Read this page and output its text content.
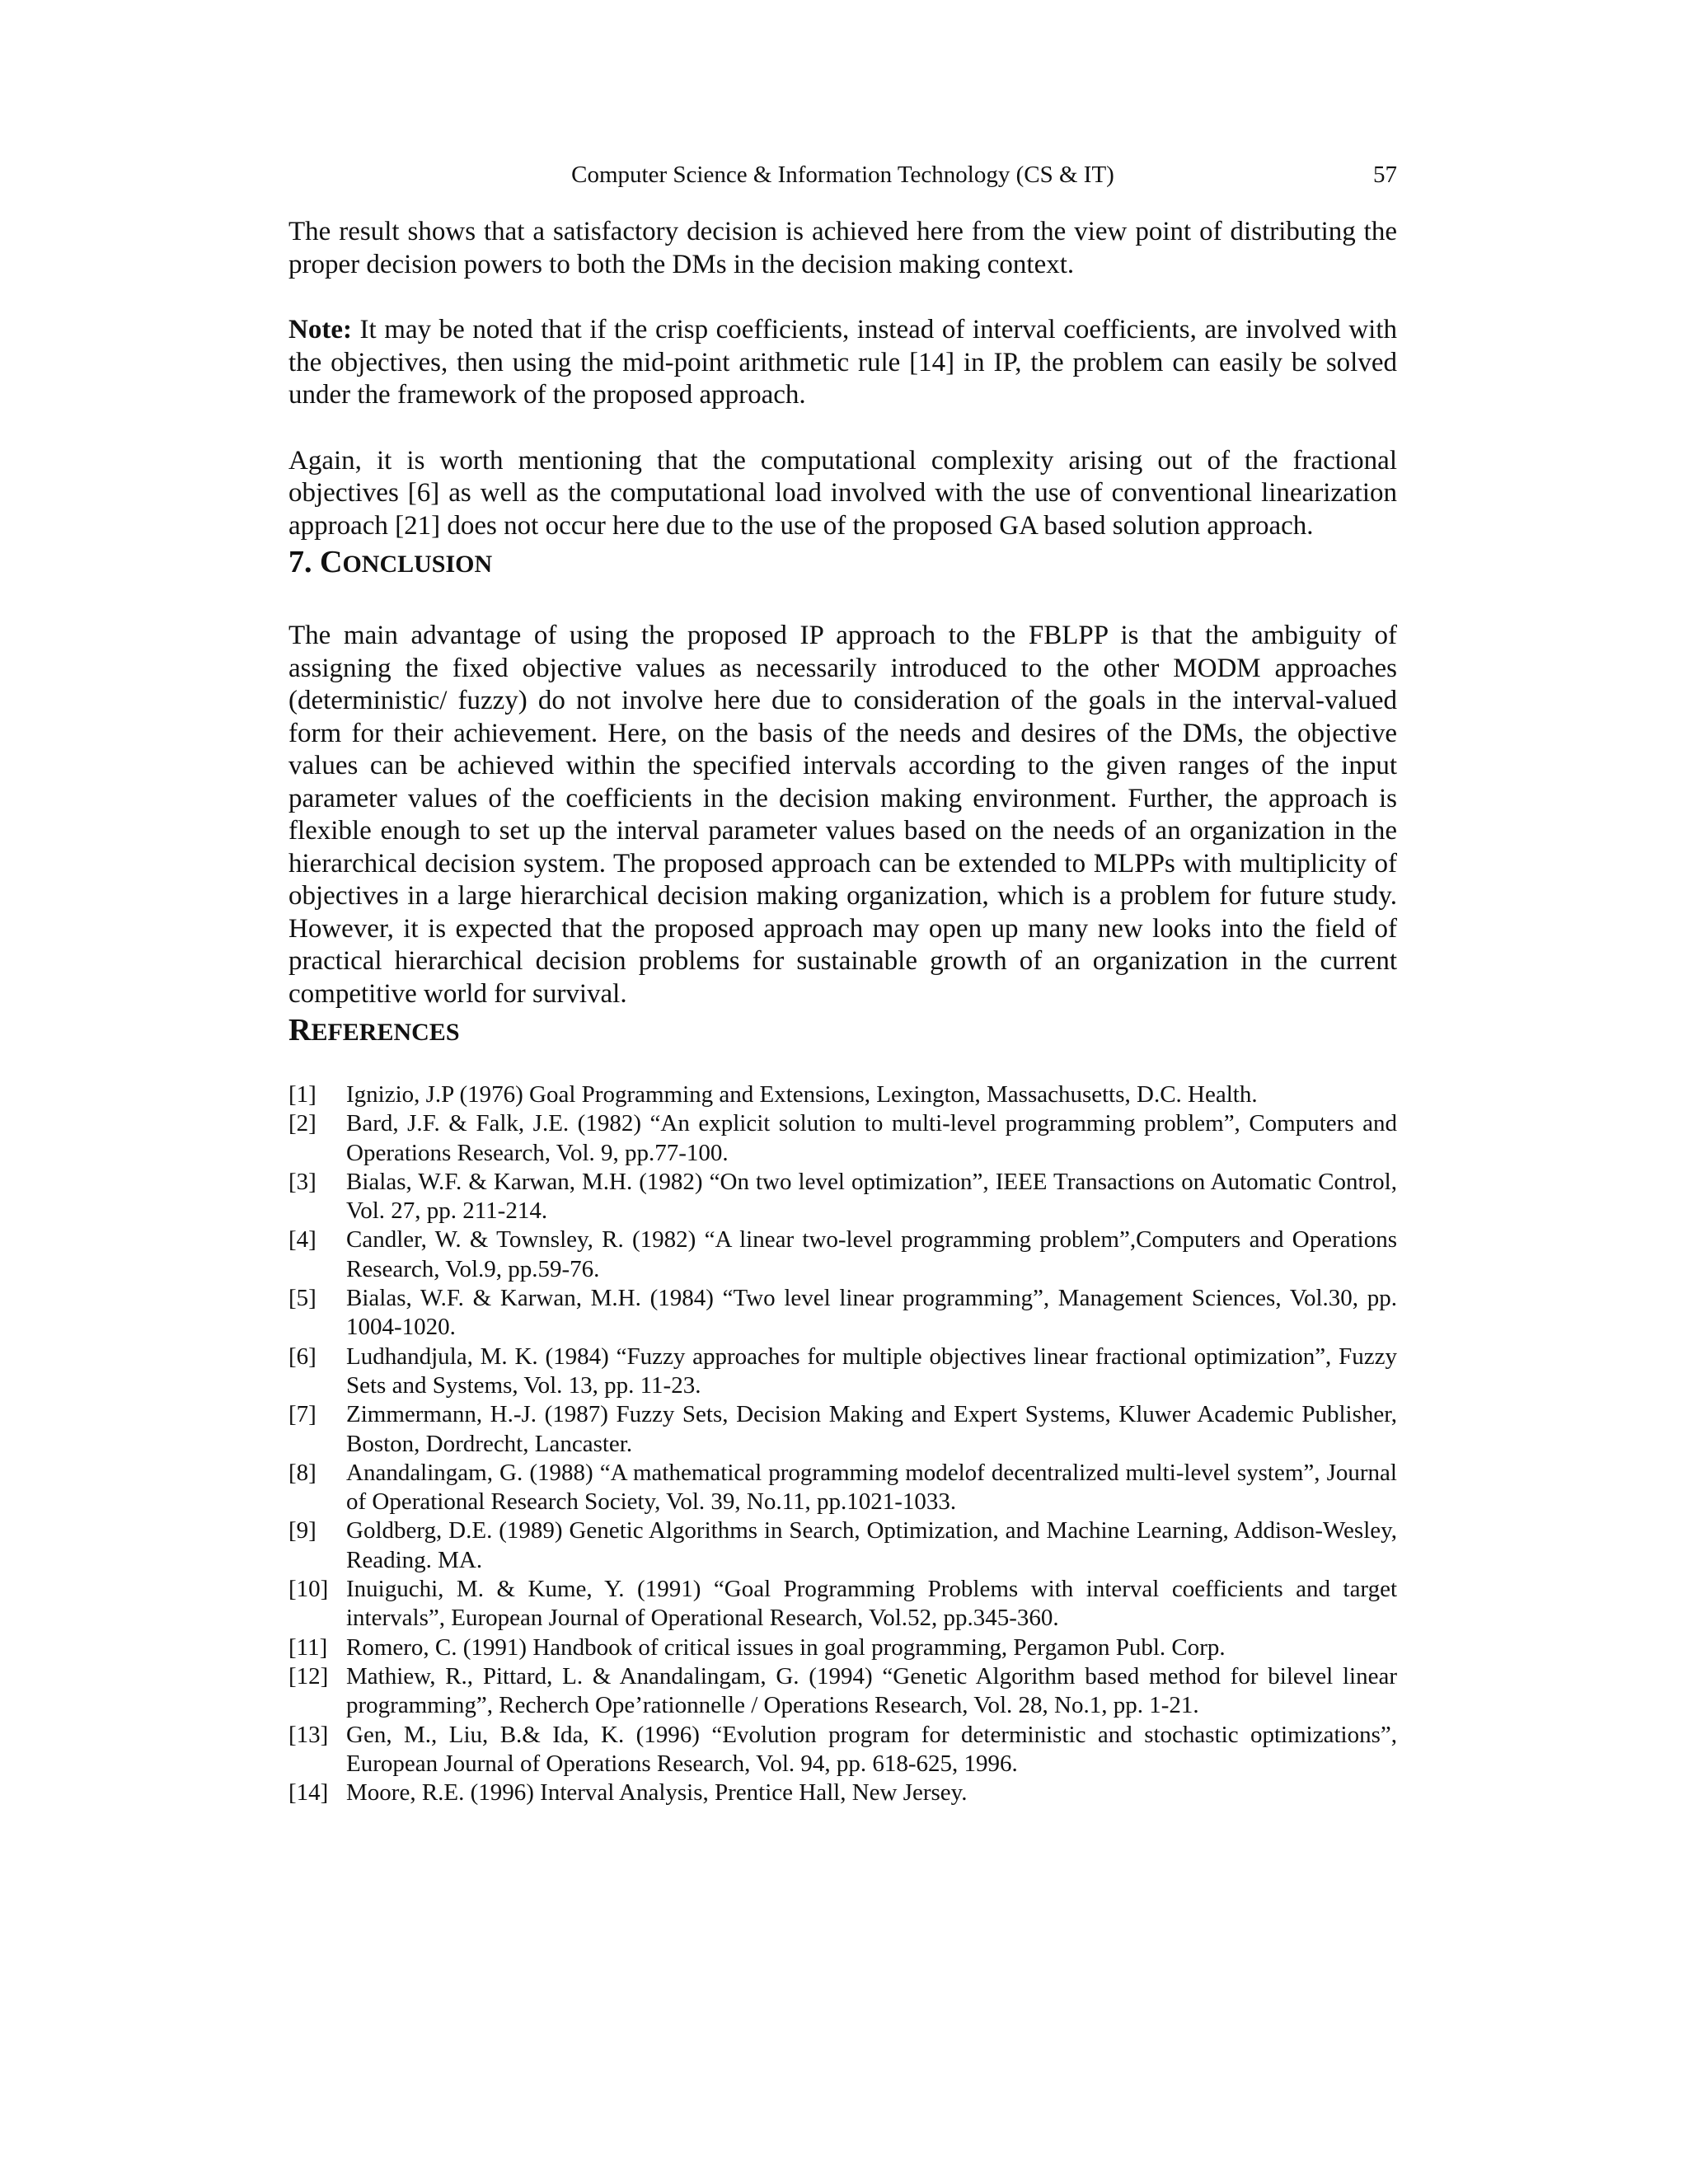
Computer Science & Information Technology (CS & IT)	57

The result shows that a satisfactory decision is achieved here from the view point of distributing the proper decision powers to both the DMs in the decision making context.

Note: It may be noted that if the crisp coefficients, instead of interval coefficients, are involved with the objectives, then using the mid-point arithmetic rule [14] in IP, the problem can easily be solved under the framework of the proposed approach.

Again, it is worth mentioning that the computational complexity arising out of the fractional objectives [6] as well as the computational load involved with the use of conventional linearization approach [21] does not occur here due to the use of the proposed GA based solution approach.

7. CONCLUSION

The main advantage of using the proposed IP approach to the FBLPP is that the ambiguity of assigning the fixed objective values as necessarily introduced to the other MODM approaches (deterministic/ fuzzy) do not involve here due to consideration of the goals in the interval-valued form for their achievement. Here, on the basis of the needs and desires of the DMs, the objective values can be achieved within the specified intervals according to the given ranges of the input parameter values of the coefficients in the decision making environment. Further, the approach is flexible enough to set up the interval parameter values based on the needs of an organization in the hierarchical decision system. The proposed approach can be extended to MLPPs with multiplicity of objectives in a large hierarchical decision making organization, which is a problem for future study. However, it is expected that the proposed approach may open up many new looks into the field of practical hierarchical decision problems for sustainable growth of an organization in the current competitive world for survival.

REFERENCES
[1]	Ignizio, J.P (1976) Goal Programming and Extensions, Lexington, Massachusetts, D.C. Health.
[2]	Bard, J.F. & Falk, J.E. (1982) “An explicit solution to multi-level programming problem”, Computers and Operations Research, Vol. 9, pp.77-100.
[3]	Bialas, W.F. & Karwan, M.H. (1982) “On two level optimization”, IEEE Transactions on Automatic Control, Vol. 27, pp. 211-214.
[4]	Candler, W. & Townsley, R. (1982) “A linear two-level programming problem”,Computers and Operations Research, Vol.9, pp.59-76.
[5]	Bialas, W.F. & Karwan, M.H. (1984) “Two level linear programming”, Management Sciences, Vol.30, pp. 1004-1020.
[6]	Ludhandjula, M. K. (1984) “Fuzzy approaches for multiple objectives linear fractional optimization”, Fuzzy Sets and Systems, Vol. 13, pp. 11-23.
[7]	Zimmermann, H.-J. (1987) Fuzzy Sets, Decision Making and Expert Systems, Kluwer Academic Publisher, Boston, Dordrecht, Lancaster.
[8]	Anandalingam, G. (1988) “A mathematical programming modelof decentralized multi-level system”, Journal of Operational Research Society, Vol. 39, No.11, pp.1021-1033.
[9]	Goldberg, D.E. (1989) Genetic Algorithms in Search, Optimization, and Machine Learning, Addison-Wesley, Reading. MA.
[10] Inuiguchi, M. & Kume, Y. (1991) “Goal Programming Problems with interval coefficients and target intervals”, European Journal of Operational Research, Vol.52, pp.345-360.
[11] Romero, C. (1991) Handbook of critical issues in goal programming, Pergamon Publ. Corp.
[12] Mathiew, R., Pittard, L. & Anandalingam, G. (1994) “Genetic Algorithm based method for bilevel linear programming”, Recherch Ope’rationnelle / Operations Research, Vol. 28, No.1, pp. 1-21.
[13] Gen, M., Liu, B.& Ida, K. (1996) “Evolution program for deterministic and stochastic optimizations”, European Journal of Operations Research, Vol. 94, pp. 618-625, 1996.
[14] Moore, R.E. (1996) Interval Analysis, Prentice Hall, New Jersey.
